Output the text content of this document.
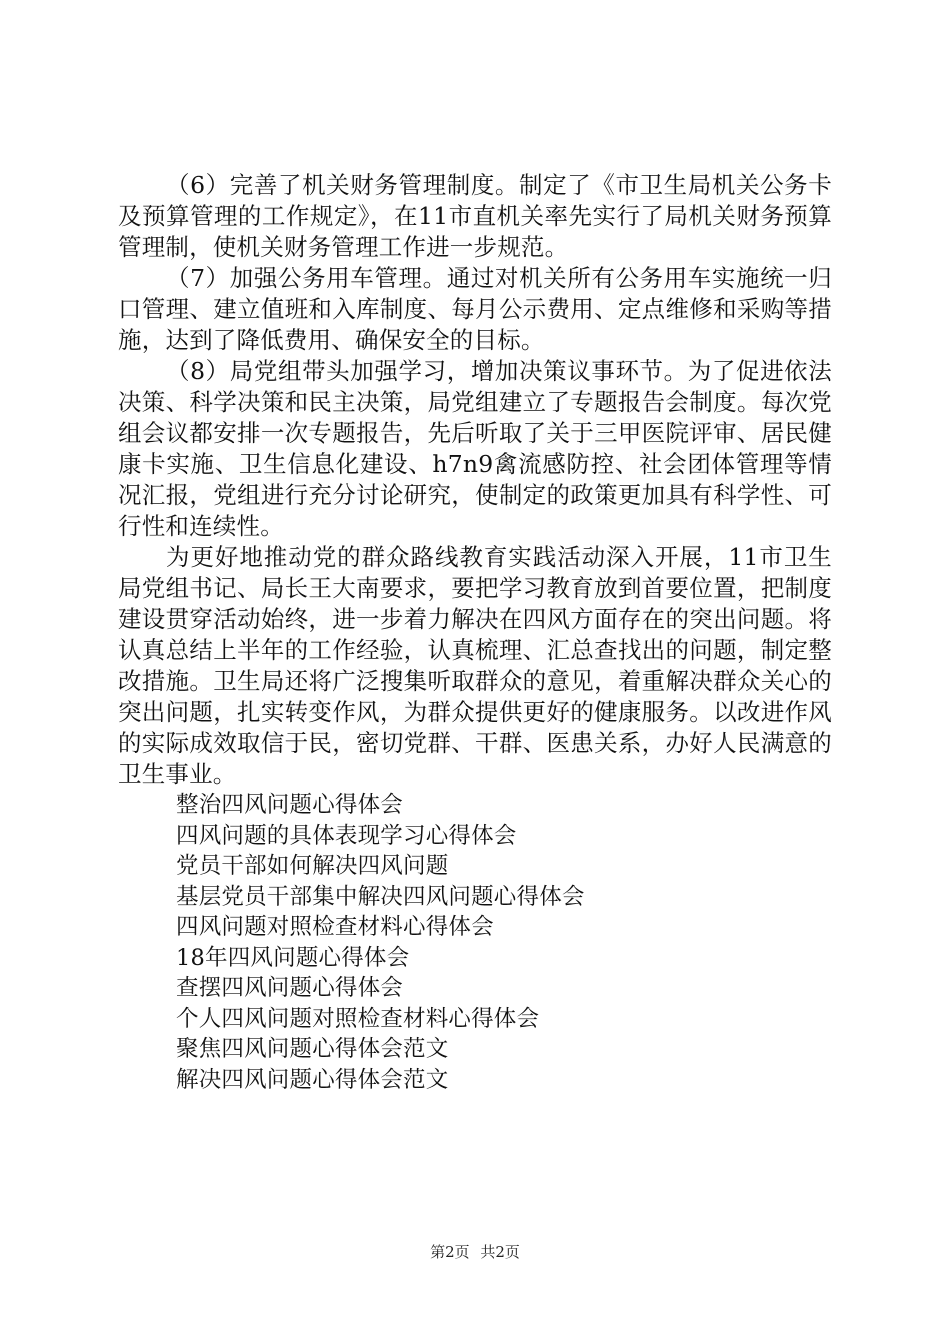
（6）完善了机关财务管理制度。制定了《市卫生局机关公务卡及预算管理的工作规定》，在11市直机关率先实行了局机关财务预算管理制，使机关财务管理工作进一步规范。

（7）加强公务用车管理。通过对机关所有公务用车实施统一归口管理、建立值班和入库制度、每月公示费用、定点维修和采购等措施，达到了降低费用、确保安全的目标。

（8）局党组带头加强学习，增加决策议事环节。为了促进依法决策、科学决策和民主决策，局党组建立了专题报告会制度。每次党组会议都安排一次专题报告，先后听取了关于三甲医院评审、居民健康卡实施、卫生信息化建设、h7n9禽流感防控、社会团体管理等情况汇报，党组进行充分讨论研究，使制定的政策更加具有科学性、可行性和连续性。

为更好地推动党的群众路线教育实践活动深入开展，11市卫生局党组书记、局长王大南要求，要把学习教育放到首要位置，把制度建设贯穿活动始终，进一步着力解决在四风方面存在的突出问题。将认真总结上半年的工作经验，认真梳理、汇总查找出的问题，制定整改措施。卫生局还将广泛搜集听取群众的意见，着重解决群众关心的突出问题，扎实转变作风，为群众提供更好的健康服务。以改进作风的实际成效取信于民，密切党群、干群、医患关系，办好人民满意的卫生事业。

整治四风问题心得体会
四风问题的具体表现学习心得体会
党员干部如何解决四风问题
基层党员干部集中解决四风问题心得体会
四风问题对照检查材料心得体会
18年四风问题心得体会
查摆四风问题心得体会
个人四风问题对照检查材料心得体会
聚焦四风问题心得体会范文
解决四风问题心得体会范文
第2页 共2页
